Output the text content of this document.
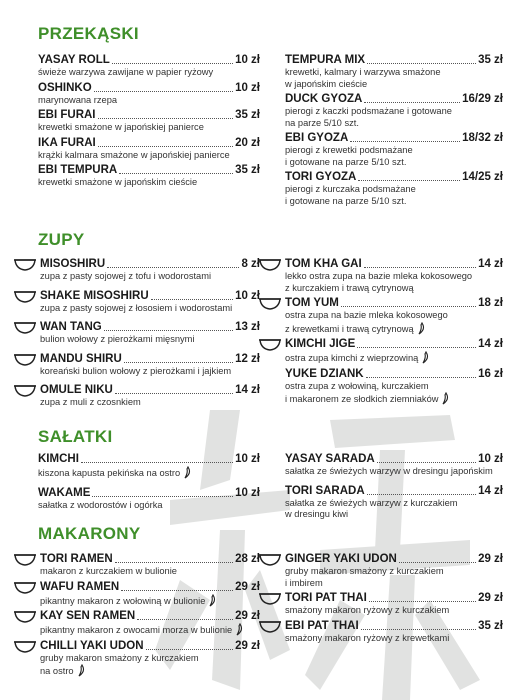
PRZEKĄSKI
YASAY ROLL	10 zł
świeże warzywa zawijane w papier ryżowy
OSHINKO	10 zł
marynowana rzepa
EBI FURAI	35 zł
krewetki smażone w japońskiej panierce
IKA FURAI	20 zł
krążki kalmara smażone w japońskiej panierce
EBI TEMPURA	35 zł
krewetki smażone w japońskim cieście
TEMPURA MIX	35 zł
krewetki, kalmary i warzywa smażone
w japońskim cieście
DUCK GYOZA	16/29 zł
pierogi z kaczki podsmażane i gotowane
na parze 5/10 szt.
EBI GYOZA	18/32 zł
pierogi z krewetki podsmażane
i gotowane na parze 5/10 szt.
TORI GYOZA	14/25 zł
pierogi z kurczaka podsmażane
i gotowane na parze 5/10 szt.
ZUPY
MISOSHIRU	8 zł
zupa z pasty sojowej z tofu i wodorostami
SHAKE MISOSHIRU	10 zł
zupa z pasty sojowej z łososiem i wodorostami
WAN TANG	13 zł
bulion wołowy z pierożkami mięsnymi
MANDU SHIRU	12 zł
koreański bulion wołowy z pierożkami i jajkiem
OMULE NIKU	14 zł
zupa z muli z czosnkiem
TOM KHA GAI	14 zł
lekko ostra zupa na bazie mleka kokosowego
z kurczakiem i trawą cytrynową
TOM YUM	18 zł
ostra zupa na bazie mleka kokosowego
z krewetkami i trawą cytrynową
KIMCHI JIGE	14 zł
ostra zupa kimchi z wieprzowiną
YUKE DZIANK	16 zł
ostra zupa z wołowiną, kurczakiem
i makaronem ze słodkich ziemniaków
SAŁATKI
KIMCHI	10 zł
kiszona kapusta pekińska na ostro
WAKAME	10 zł
sałatka z wodorostów i ogórka
YASAY SARADA	10 zł
sałatka ze świeżych warzyw w dresingu japońskim
TORI SARADA	14 zł
sałatka ze świeżych warzyw z kurczakiem
w dresingu kiwi
MAKARONY
TORI RAMEN	28 zł
makaron z kurczakiem w bulionie
WAFU RAMEN	29 zł
pikantny makaron z wołowiną w bulionie
KAY SEN RAMEN	29 zł
pikantny makaron z owocami morza w bulionie
CHILLI YAKI UDON	29 zł
gruby makaron smażony z kurczakiem
na ostro
GINGER YAKI UDON	29 zł
gruby makaron smażony z kurczakiem
i imbirem
TORI PAT THAI	29 zł
smażony makaron ryżowy z kurczakiem
EBI PAT THAI	35 zł
smażony makaron ryżowy z krewetkami
